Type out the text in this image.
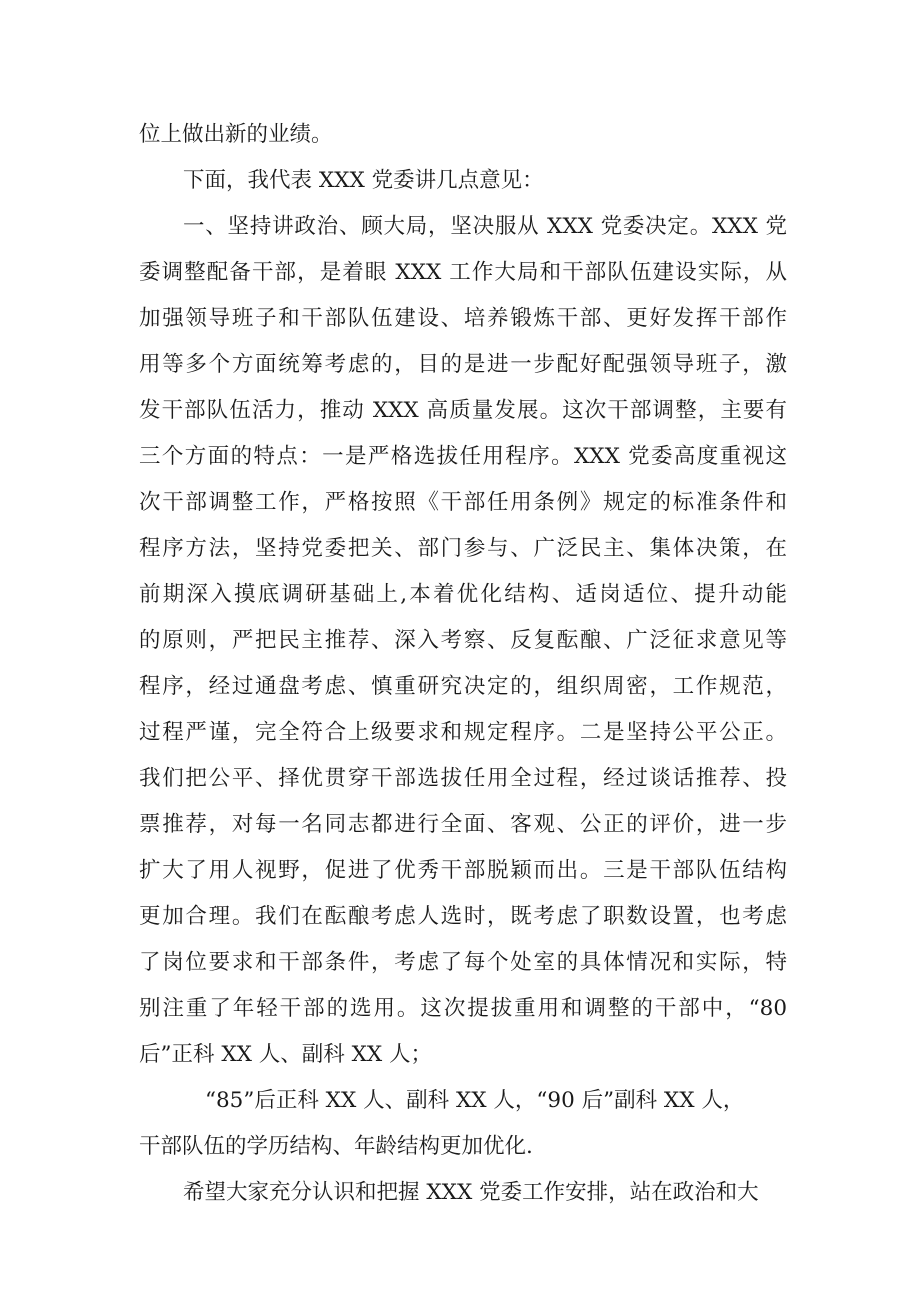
位上做出新的业绩。
下面，我代表 XXX 党委讲几点意见：
一、坚持讲政治、顾大局，坚决服从 XXX 党委决定。XXX 党
委调整配备干部，是着眼 XXX 工作大局和干部队伍建设实际，从
加强领导班子和干部队伍建设、培养锻炼干部、更好发挥干部作
用等多个方面统筹考虑的，目的是进一步配好配强领导班子，激
发干部队伍活力，推动 XXX 高质量发展。这次干部调整，主要有
三个方面的特点：一是严格选拔任用程序。XXX 党委高度重视这
次干部调整工作，严格按照《干部任用条例》规定的标准条件和
程序方法，坚持党委把关、部门参与、广泛民主、集体决策，在
前期深入摸底调研基础上,本着优化结构、适岗适位、提升动能
的原则，严把民主推荐、深入考察、反复酝酿、广泛征求意见等
程序，经过通盘考虑、慎重研究决定的，组织周密，工作规范，
过程严谨，完全符合上级要求和规定程序。二是坚持公平公正。
我们把公平、择优贯穿干部选拔任用全过程，经过谈话推荐、投
票推荐，对每一名同志都进行全面、客观、公正的评价，进一步
扩大了用人视野，促进了优秀干部脱颖而出。三是干部队伍结构
更加合理。我们在酝酿考虑人选时，既考虑了职数设置，也考虑
了岗位要求和干部条件，考虑了每个处室的具体情况和实际，特
别注重了年轻干部的选用。这次提拔重用和调整的干部中，“80
后”正科 XX 人、副科 XX 人；
“85”后正科 XX 人、副科 XX 人，“90 后”副科 XX 人，
干部队伍的学历结构、年龄结构更加优化.
希望大家充分认识和把握 XXX 党委工作安排，站在政治和大
